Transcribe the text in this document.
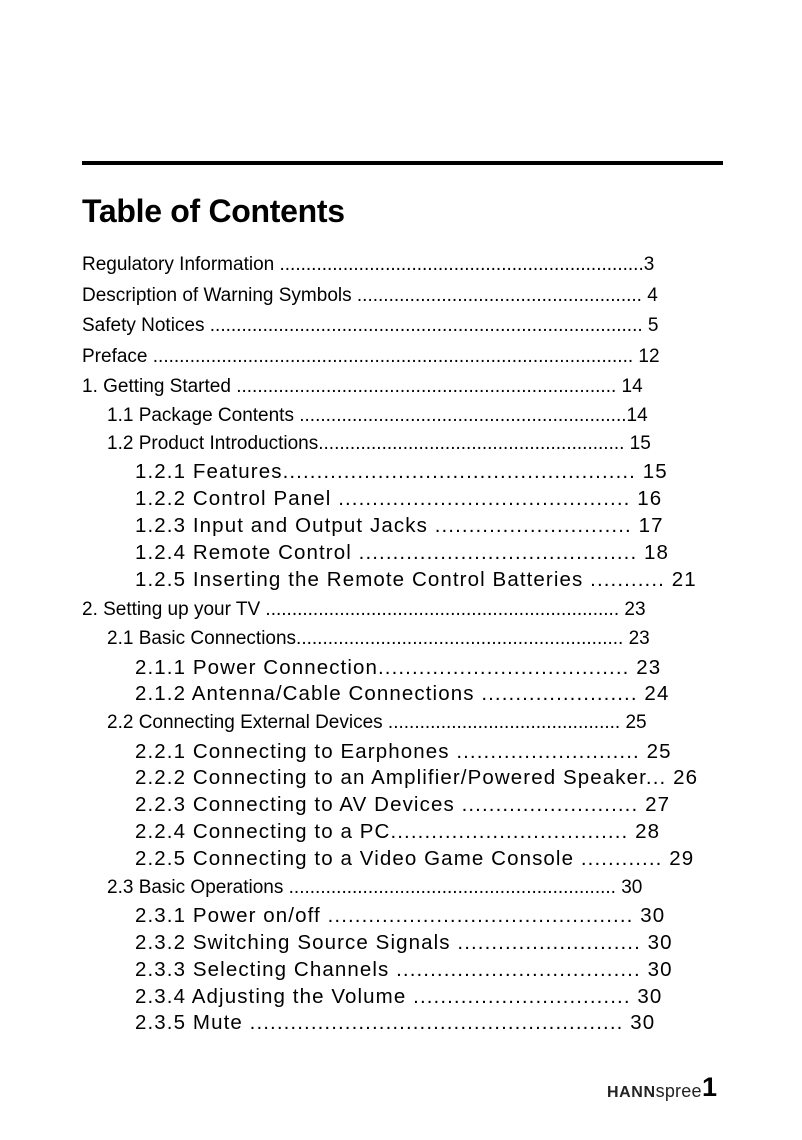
Table of Contents
Regulatory Information .....................................................................3
Description of Warning Symbols ...................................................... 4
Safety Notices .................................................................................. 5
Preface ........................................................................................... 12
1. Getting Started ........................................................................ 14
1.1 Package Contents ..............................................................14
1.2 Product Introductions.......................................................... 15
1.2.1 Features.................................................... 15
1.2.2 Control Panel ........................................... 16
1.2.3 Input and Output Jacks ............................. 17
1.2.4 Remote Control ......................................... 18
1.2.5 Inserting the Remote Control Batteries ........... 21
2. Setting up your TV ................................................................... 23
2.1 Basic Connections.............................................................. 23
2.1.1 Power Connection..................................... 23
2.1.2 Antenna/Cable Connections ....................... 24
2.2 Connecting External Devices ............................................ 25
2.2.1 Connecting to Earphones ........................... 25
2.2.2 Connecting to an Amplifier/Powered Speaker... 26
2.2.3 Connecting to AV Devices .......................... 27
2.2.4 Connecting to a PC................................... 28
2.2.5 Connecting to a Video Game Console ............ 29
2.3 Basic Operations .............................................................. 30
2.3.1 Power on/off ............................................. 30
2.3.2 Switching Source Signals ........................... 30
2.3.3 Selecting Channels .................................... 30
2.3.4 Adjusting the Volume ................................ 30
2.3.5 Mute ....................................................... 30
HANNspree 1
